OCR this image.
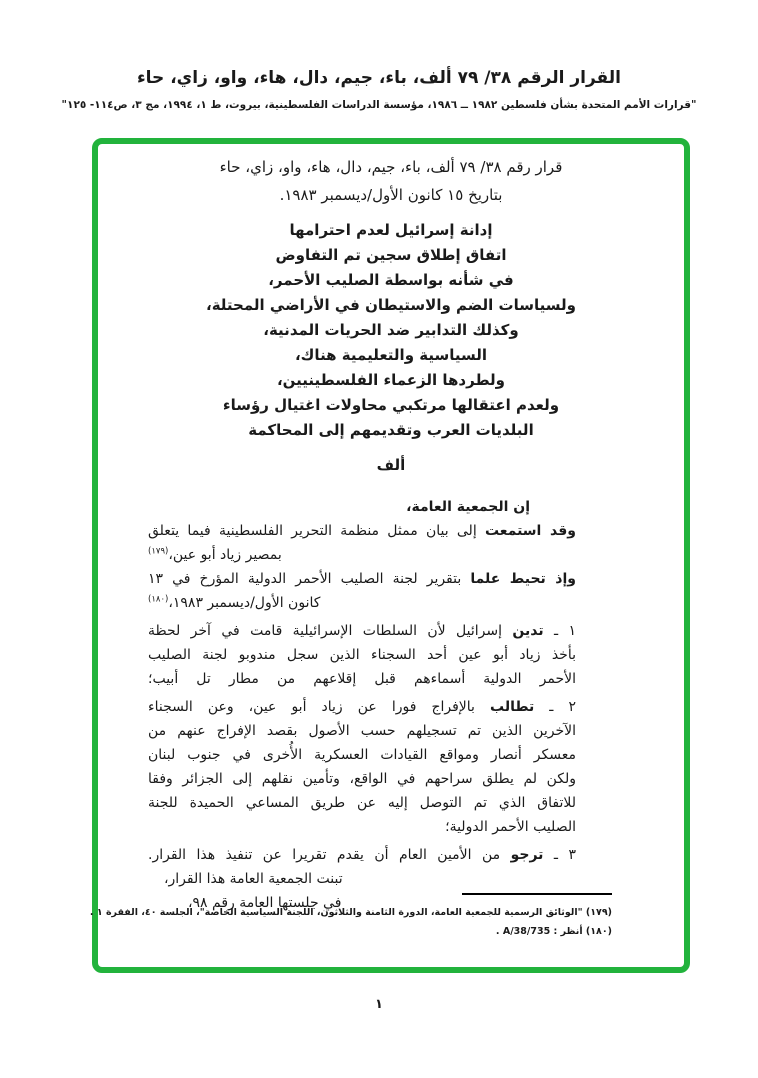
القرار الرقم ٣٨/ ٧٩ ألف، باء، جيم، دال، هاء، واو، زاي، حاء
"قرارات الأمم المتحدة بشأن فلسطين ١٩٨٢ ــ ١٩٨٦، مؤسسة الدراسات الفلسطينية، بيروت، ط ١، ١٩٩٤، مج ٣، ص١١٤- ١٢٥"
قرار رقم ٣٨/ ٧٩ ألف، باء، جيم، دال، هاء، واو، زاي، حاء
بتاريخ ١٥ كانون الأول/ديسمبر ١٩٨٣.
إدانة إسرائيل لعدم احترامها
اتفاق إطلاق سجين تم التفاوض
في شأنه بواسطة الصليب الأحمر،
ولسياسات الضم والاستيطان في الأراضي المحتلة،
وكذلك التدابير ضد الحريات المدنية،
السياسية والتعليمية هناك،
ولطردها الزعماء الفلسطينيين،
ولعدم اعتقالها مرتكبي محاولات اغتيال رؤساء
البلديات العرب وتقديمهم إلى المحاكمة
ألف
إن الجمعية العامة،
وقد استمعت إلى بيان ممثل منظمة التحرير الفلسطينية فيما يتعلق
بمصير زياد أبو عين،$^{(١٧٩)}$
وإذ تحيط علما بتقرير لجنة الصليب الأحمر الدولية المؤرخ في ١٣
كانون الأول/ديسمبر ١٩٨٣،$^{(١٨٠)}$
١ ـ تدين إسرائيل لأن السلطات الإسرائيلية قامت في آخر لحظة
بأخذ زياد أبو عين أحد السجناء الذين سجل مندوبو لجنة الصليب
الأحمر الدولية أسماءهم قبل إقلاعهم من مطار تل أبيب؛
٢ ـ تطالب بالإفراج فورا عن زياد أبو عين، وعن السجناء
الآخرين الذين تم تسجيلهم حسب الأصول بقصد الإفراج عنهم من
معسكر أنصار ومواقع القيادات العسكرية الأُخرى في جنوب لبنان
ولكن لم يطلق سراحهم في الواقع، وتأمين نقلهم إلى الجزائر وفقا
للاتفاق الذي تم التوصل إليه عن طريق المساعي الحميدة للجنة
الصليب الأحمر الدولية؛
٣ ـ ترجو من الأمين العام أن يقدم تقريرا عن تنفيذ هذا القرار.
تبنت الجمعية العامة هذا القرار،
في جلستها العامة رقم ٩٨،
(١٧٩) "الوثائق الرسمية للجمعية العامة، الدورة الثامنة والثلاثون، اللجنة السياسية الخاصة"، الجلسة ٤٠، الفقرة ١ .
(١٨٠) أنظر : A/38/735 .
١
